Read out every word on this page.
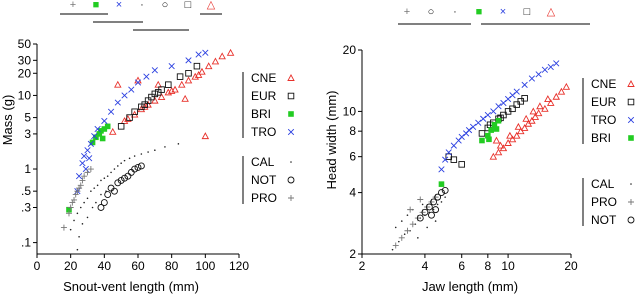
+ ■ × · ○ □ △
0 20 40 60 80 100 120
.1
.3
.5
1
3
5
10
20
30
50
CNE
EUR
BRI
TRO
CAL
NOT
PRO
Snout-vent length (mm)
Mass (g)
+ ○ · ■ × □ △
2	4	6 8 10	20
2
4
6
8
10
20
CNE
EUR
TRO
BRI
CAL
PRO
NOT
Jaw length (mm)
Head width (mm)
